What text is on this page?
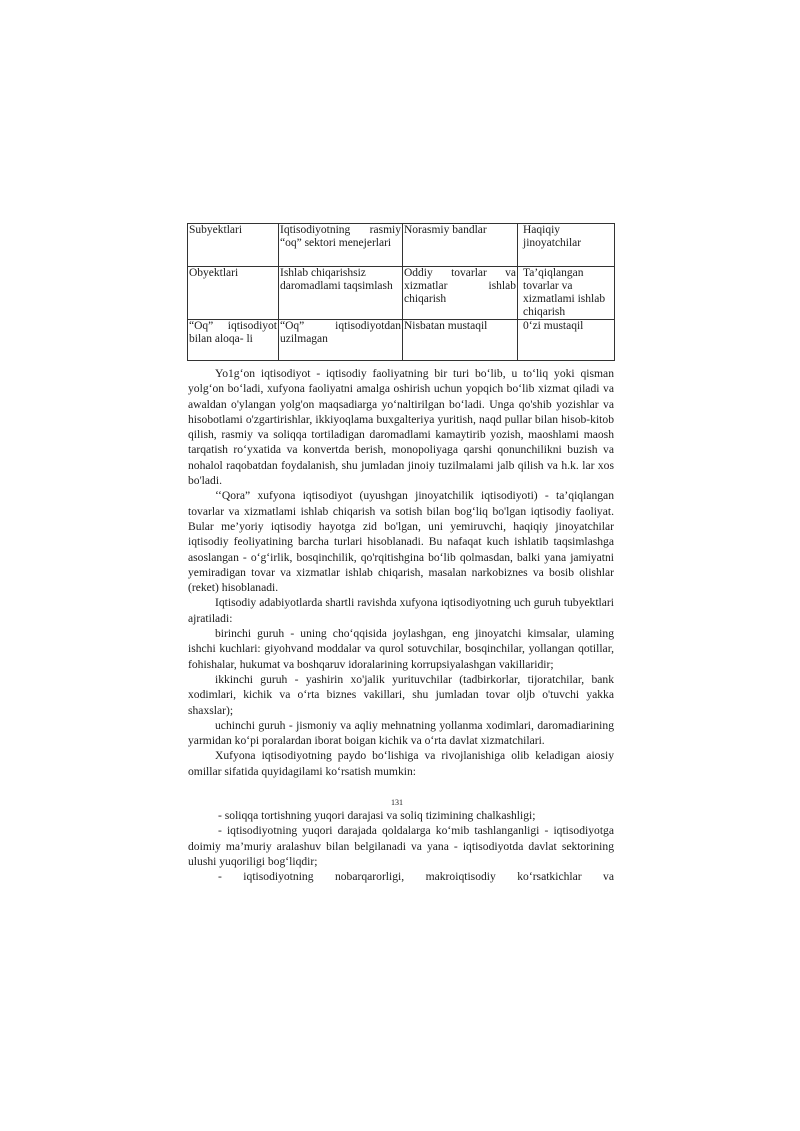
Subyektlari	Iqtisodiyotning rasmiy “oq” sektori menejerlari	Norasmiy bandlar	Haqiqiy jinoyatchilar
Obyektlari	Ishlab chiqarishsiz daromadlami taqsimlash	Oddiy tovarlar va xizmatlar ishlab chiqarish	Ta’qiqlangan tovarlar va xizmatlami ishlab chiqarish
“Oq” iqtisodiyot bilan aloqa- li	“Oq” iqtisodiyotdan uzilmagan	Nisbatan mustaqil	0‘zi mustaqil

Yo1g‘on iqtisodiyot - iqtisodiy faoliyatning bir turi bo‘lib, u to‘liq yoki qisman yolg‘on bo‘ladi, xufyona faoliyatni amalga oshirish uchun yopqich bo‘lib xizmat qiladi va awaldan o'ylangan yolg'on maqsadiarga yo‘naltirilgan bo‘ladi. Unga qo'shib yozishlar va hisobotlami o'zgartirishlar, ikkiyoqlama buxgalteriya yuritish, naqd pullar bilan hisob-kitob qilish, rasmiy va soliqqa tortiladigan daromadlami kamaytirib yozish, maoshlami maosh tarqatish ro‘yxatida va konvertda berish, monopoliyaga qarshi qonunchilikni buzish va nohalol raqobatdan foydalanish, shu jumladan jinoiy tuzilmalami jalb qilish va h.k. lar xos bo'ladi.

‘‘Qora” xufyona iqtisodiyot (uyushgan jinoyatchilik iqtisodiyoti) - ta’qiqlangan tovarlar va xizmatlami ishlab chiqarish va sotish bilan bog‘liq bo'lgan iqtisodiy faoliyat. Bular me’yoriy iqtisodiy hayotga zid bo'lgan, uni yemiruvchi, haqiqiy jinoyatchilar iqtisodiy feoliyatining barcha turlari hisoblanadi. Bu nafaqat kuch ishlatib taqsimlashga asoslangan - o‘g‘irlik, bosqinchilik, qo'rqitishgina bo‘lib qolmasdan, balki yana jamiyatni yemiradigan tovar va xizmatlar ishlab chiqarish, masalan narkobiznes va bosib olishlar (reket) hisoblanadi.

Iqtisodiy adabiyotlarda shartli ravishda xufyona iqtisodiyotning uch guruh tubyektlari ajratiladi:

birinchi guruh - uning cho‘qqisida joylashgan, eng jinoyatchi kimsalar, ulaming ishchi kuchlari: giyohvand moddalar va qurol sotuvchilar, bosqinchilar, yollangan qotillar, fohishalar, hukumat va boshqaruv idoralarining korrupsiyalashgan vakillaridir;

ikkinchi guruh - yashirin xo'jalik yurituvchilar (tadbirkorlar, tijoratchilar, bank xodimlari, kichik va o‘rta biznes vakillari, shu jumladan tovar oljb o'tuvchi yakka shaxslar);

uchinchi guruh - jismoniy va aqliy mehnatning yollanma xodimlari, daromadiarining yarmidan ko‘pi poralardan iborat boigan kichik va o‘rta davlat xizmatchilari.

Xufyona iqtisodiyotning paydo bo‘lishiga va rivojlanishiga olib keladigan aiosiy omillar sifatida quyidagilami ko‘rsatish mumkin:

131

- soliqqa tortishning yuqori darajasi va soliq tizimining chalkashligi;

- iqtisodiyotning yuqori darajada qoldalarga ko‘mib tashlanganligi - iqtisodiyotga doimiy ma’muriy aralashuv bilan belgilanadi va yana - iqtisodiyotda davlat sektorining ulushi yuqoriligi bog‘liqdir;

- iqtisodiyotning nobarqarorligi, makroiqtisodiy ko‘rsatkichlar va
